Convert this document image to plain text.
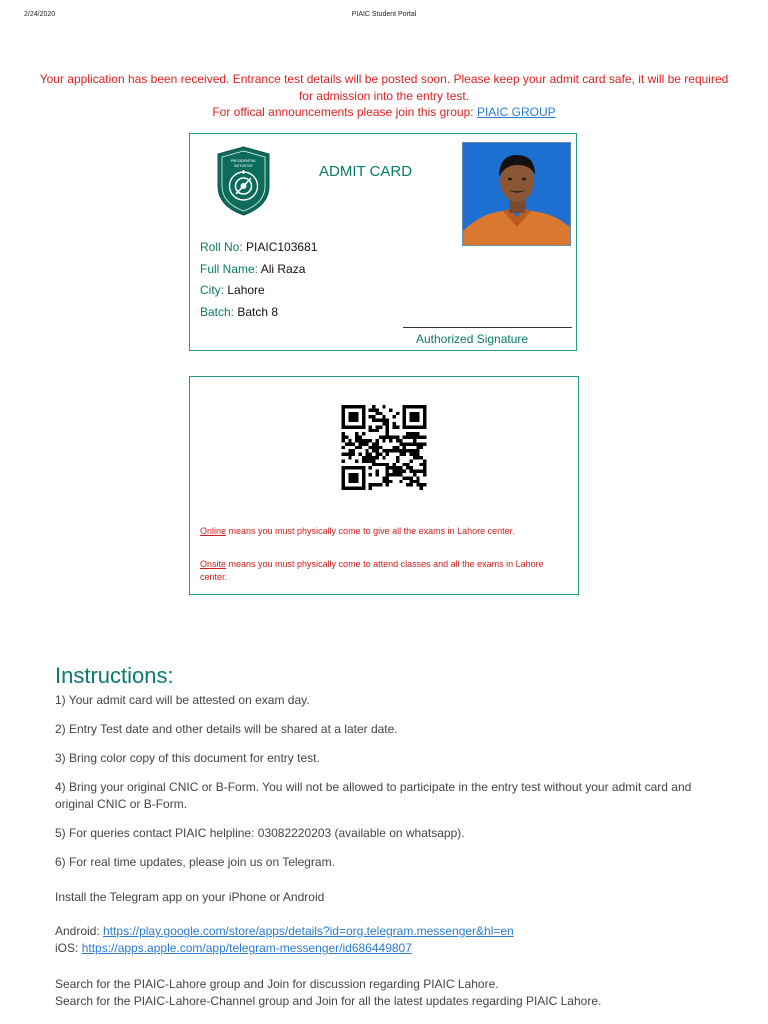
2/24/2020	PIAIC Student Portal
Your application has been received. Entrance test details will be posted soon. Please keep your admit card safe, it will be required
for admission into the entry test.
For offical announcements please join this group: PIAIC GROUP
PRESIDENTIAL
INITIATIVE	ADMIT CARD
Roll No: PIAIC103681
Full Name: Ali Raza
City: Lahore
Batch: Batch 8
Authorized Signature
Online means you must physically come to give all the exams in Lahore center.
Onsite means you must physically come to attend classes and all the exams in Lahore center.
Instructions:
1) Your admit card will be attested on exam day.
2) Entry Test date and other details will be shared at a later date.
3) Bring color copy of this document for entry test.
4) Bring your original CNIC or B-Form. You will not be allowed to participate in the entry test without your admit card and original CNIC or B-Form.
5) For queries contact PIAIC helpline: 03082220203 (available on whatsapp).
6) For real time updates, please join us on Telegram.
Install the Telegram app on your iPhone or Android
Android: https://play.google.com/store/apps/details?id=org.telegram.messenger&hl=en
iOS: https://apps.apple.com/app/telegram-messenger/id686449807
Search for the PIAIC-Lahore group and Join for discussion regarding PIAIC Lahore.
Search for the PIAIC-Lahore-Channel group and Join for all the latest updates regarding PIAIC Lahore.
